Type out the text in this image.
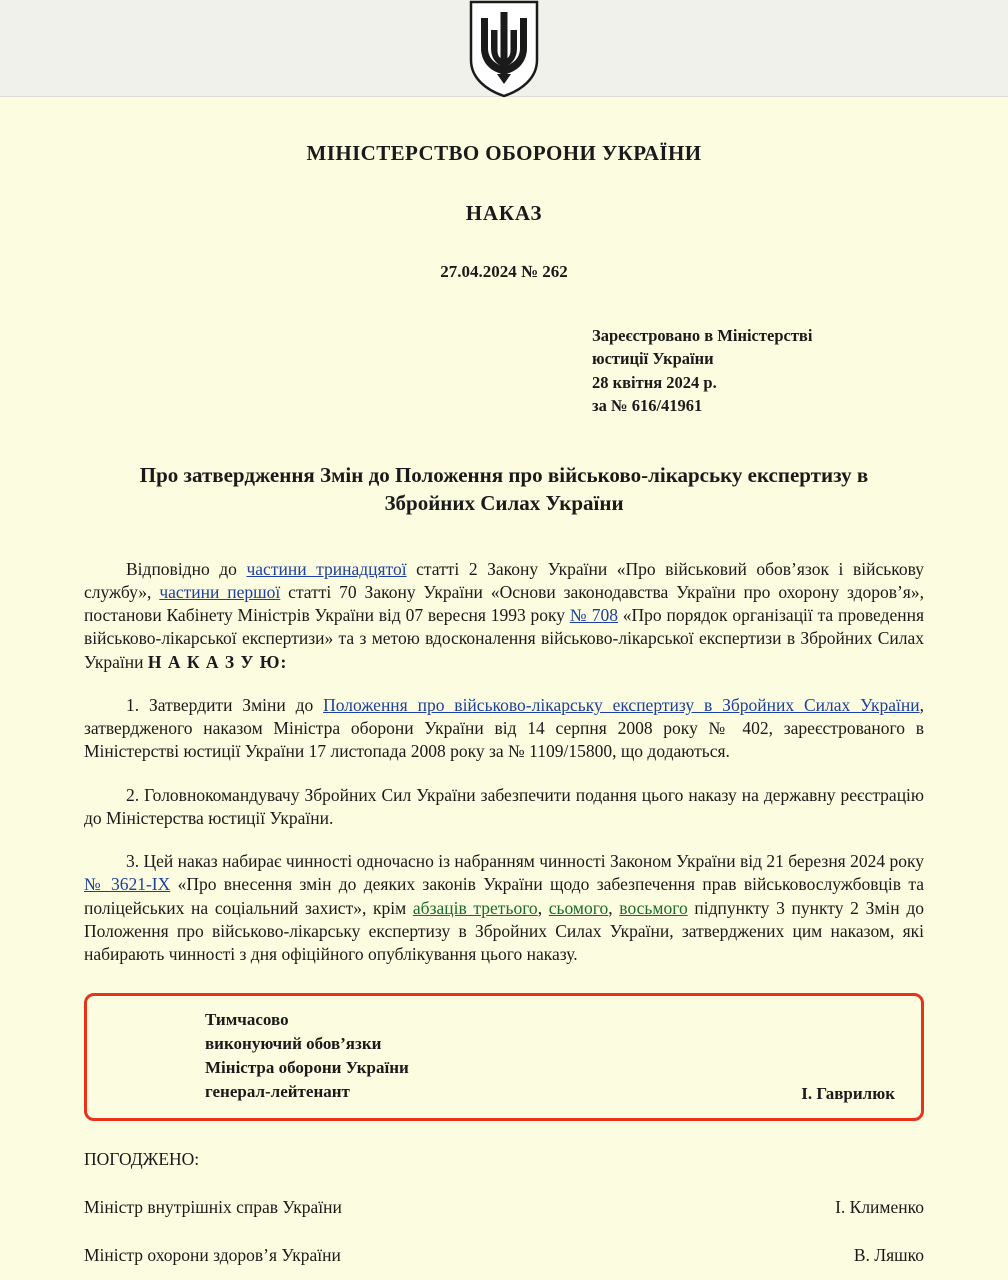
МІНІСТЕРСТВО ОБОРОНИ УКРАЇНИ
НАКАЗ
27.04.2024 № 262
Зареєстровано в Міністерстві
юстиції України
28 квітня 2024 р.
за № 616/41961
Про затвердження Змін до Положення про військово-лікарську експертизу в Збройних Силах України

Відповідно до частини тринадцятої статті 2 Закону України «Про військовий обов’язок і військову службу», частини першої статті 70 Закону України «Основи законодавства України про охорону здоров’я», постанови Кабінету Міністрів України від 07 вересня 1993 року № 708 «Про порядок організації та проведення військово-лікарської експертизи» та з метою вдосконалення військово-лікарської експертизи в Збройних Силах України Н А К А З У Ю:

1. Затвердити Зміни до Положення про військово-лікарську експертизу в Збройних Силах України, затвердженого наказом Міністра оборони України від 14 серпня 2008 року № 402, зареєстрованого в Міністерстві юстиції України 17 листопада 2008 року за № 1109/15800, що додаються.

2. Головнокомандувачу Збройних Сил України забезпечити подання цього наказу на державну реєстрацію до Міністерства юстиції України.

3. Цей наказ набирає чинності одночасно із набранням чинності Законом України від 21 березня 2024 року № 3621-IX «Про внесення змін до деяких законів України щодо забезпечення прав військовослужбовців та поліцейських на соціальний захист», крім абзаців третього, сьомого, восьмого підпункту 3 пункту 2 Змін до Положення про військово-лікарську експертизу в Збройних Силах України, затверджених цим наказом, які набирають чинності з дня офіційного опублікування цього наказу.

Тимчасово
виконуючий обов’язки
Міністра оборони України
генерал-лейтенант	І. Гаврилюк
ПОГОДЖЕНО:
Міністр внутрішніх справ України	І. Клименко
Міністр охорони здоров’я України	В. Ляшко
